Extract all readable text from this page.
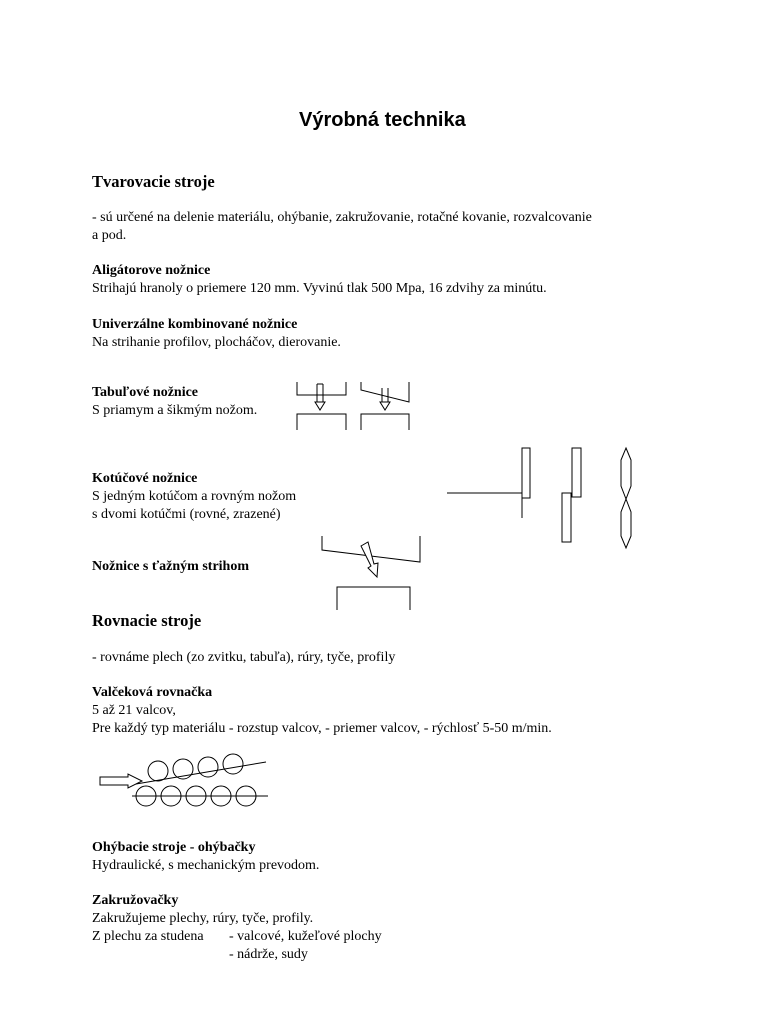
Výrobná technika
Tvarovacie stroje
- sú určené na delenie materiálu, ohýbanie, zakružovanie, rotačné kovanie, rozvalcovanie
a pod.
Aligátorove nožnice
Strihajú hranoly o priemere 120 mm. Vyvinú tlak 500 Mpa, 16 zdvihy za minútu.
Univerzálne kombinované nožnice
Na strihanie profilov, plocháčov, dierovanie.
Tabuľové nožnice
S priamym a šikmým nožom.
Kotúčové nožnice
S jedným kotúčom a rovným nožom
s dvomi kotúčmi (rovné, zrazené)
Nožnice s ťažným strihom
Rovnacie stroje
- rovnáme plech (zo zvitku, tabuľa), rúry, tyče, profily
Valčeková rovnačka
5 až 21 valcov,
Pre každý typ materiálu - rozstup valcov, - priemer valcov, - rýchlosť 5-50 m/min.
Ohýbacie stroje - ohýbačky
Hydraulické, s mechanickým prevodom.
Zakružovačky
Zakružujeme plechy, rúry, tyče, profily.
Z plechu za studena - valcové, kužeľové plochy
- nádrže, sudy
